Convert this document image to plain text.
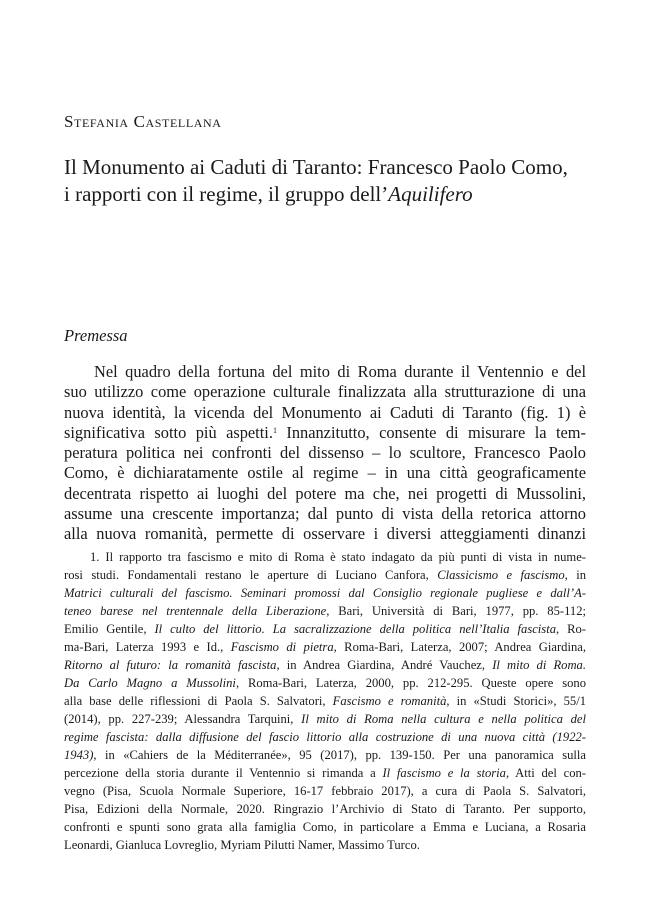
Stefania Castellana
Il Monumento ai Caduti di Taranto: Francesco Paolo Como,
i rapporti con il regime, il gruppo dell’Aquilifero
Premessa
Nel quadro della fortuna del mito di Roma durante il Ventennio e del
suo utilizzo come operazione culturale finalizzata alla strutturazione di una
nuova identità, la vicenda del Monumento ai Caduti di Taranto (fig. 1) è
significativa sotto più aspetti.$^1$ Innanzitutto, consente di misurare la tem-
peratura politica nei confronti del dissenso – lo scultore, Francesco Paolo
Como, è dichiaratamente ostile al regime – in una città geograficamente
decentrata rispetto ai luoghi del potere ma che, nei progetti di Mussolini,
assume una crescente importanza; dal punto di vista della retorica attorno
alla nuova romanità, permette di osservare i diversi atteggiamenti dinanzi
1. Il rapporto tra fascismo e mito di Roma è stato indagato da più punti di vista in nume-
rosi studi. Fondamentali restano le aperture di Luciano Canfora, Classicismo e fascismo, in
Matrici culturali del fascismo. Seminari promossi dal Consiglio regionale pugliese e dall’A-
teneo barese nel trentennale della Liberazione, Bari, Università di Bari, 1977, pp. 85-112;
Emilio Gentile, Il culto del littorio. La sacralizzazione della politica nell’Italia fascista, Ro-
ma-Bari, Laterza 1993 e Id., Fascismo di pietra, Roma-Bari, Laterza, 2007; Andrea Giardina,
Ritorno al futuro: la romanità fascista, in Andrea Giardina, André Vauchez, Il mito di Roma.
Da Carlo Magno a Mussolini, Roma-Bari, Laterza, 2000, pp. 212-295. Queste opere sono
alla base delle riflessioni di Paola S. Salvatori, Fascismo e romanità, in «Studi Storici», 55/1
(2014), pp. 227-239; Alessandra Tarquini, Il mito di Roma nella cultura e nella politica del
regime fascista: dalla diffusione del fascio littorio alla costruzione di una nuova città (1922-
1943), in «Cahiers de la Méditerranée», 95 (2017), pp. 139-150. Per una panoramica sulla
percezione della storia durante il Ventennio si rimanda a Il fascismo e la storia, Atti del con-
vegno (Pisa, Scuola Normale Superiore, 16-17 febbraio 2017), a cura di Paola S. Salvatori,
Pisa, Edizioni della Normale, 2020. Ringrazio l’Archivio di Stato di Taranto. Per supporto,
confronti e spunti sono grata alla famiglia Como, in particolare a Emma e Luciana, a Rosaria
Leonardi, Gianluca Lovreglio, Myriam Pilutti Namer, Massimo Turco.
